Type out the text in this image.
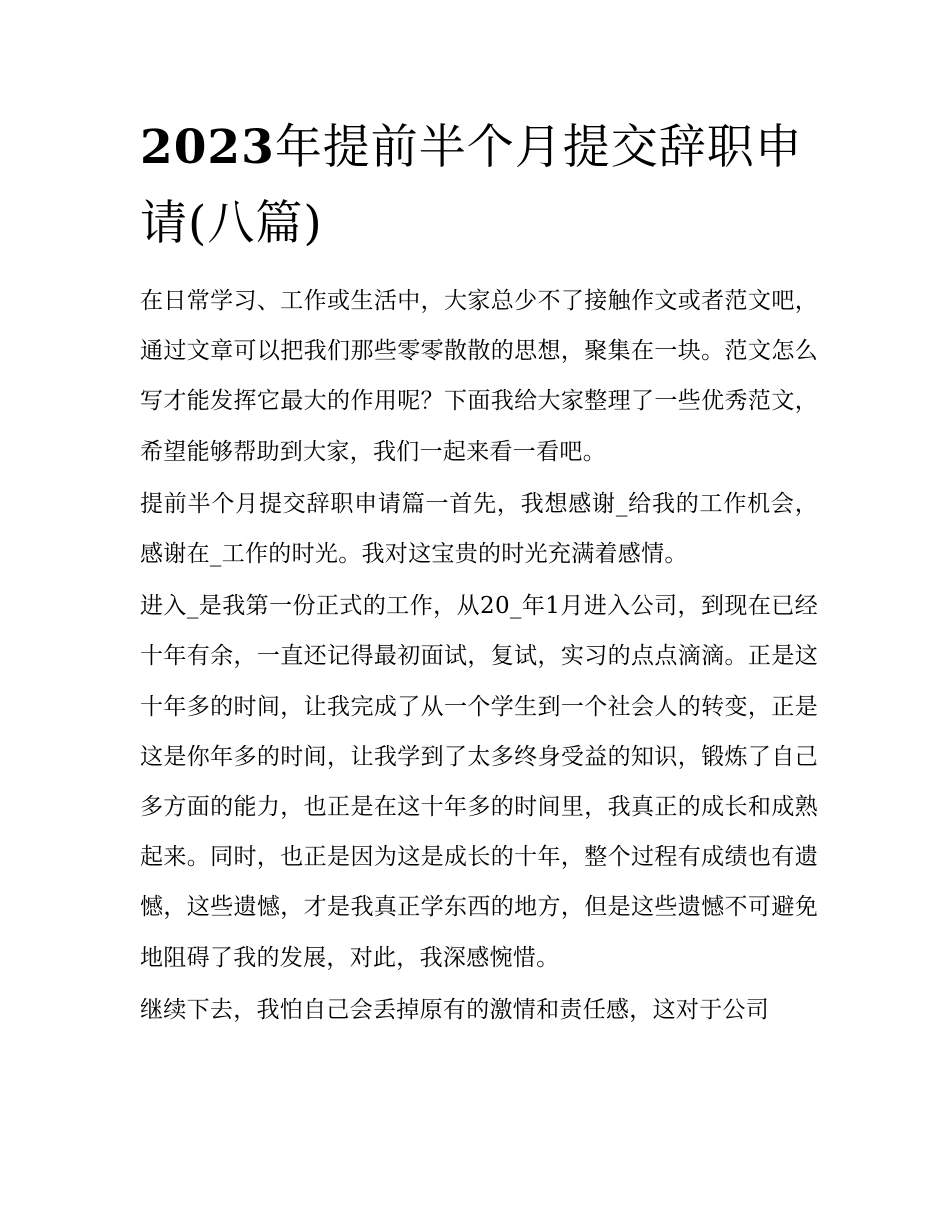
2023年提前半个月提交辞职申请(八篇)

在日常学习、工作或生活中，大家总少不了接触作文或者范文吧，通过文章可以把我们那些零零散散的思想，聚集在一块。范文怎么写才能发挥它最大的作用呢？下面我给大家整理了一些优秀范文，希望能够帮助到大家，我们一起来看一看吧。

提前半个月提交辞职申请篇一首先，我想感谢_给我的工作机会，感谢在_工作的时光。我对这宝贵的时光充满着感情。

进入_是我第一份正式的工作，从20_年1月进入公司，到现在已经十年有余，一直还记得最初面试，复试，实习的点点滴滴。正是这十年多的时间，让我完成了从一个学生到一个社会人的转变，正是这是你年多的时间，让我学到了太多终身受益的知识，锻炼了自己多方面的能力，也正是在这十年多的时间里，我真正的成长和成熟起来。同时，也正是因为这是成长的十年，整个过程有成绩也有遗憾，这些遗憾，才是我真正学东西的地方，但是这些遗憾不可避免地阻碍了我的发展，对此，我深感惋惜。

继续下去，我怕自己会丢掉原有的激情和责任感，这对于公司
